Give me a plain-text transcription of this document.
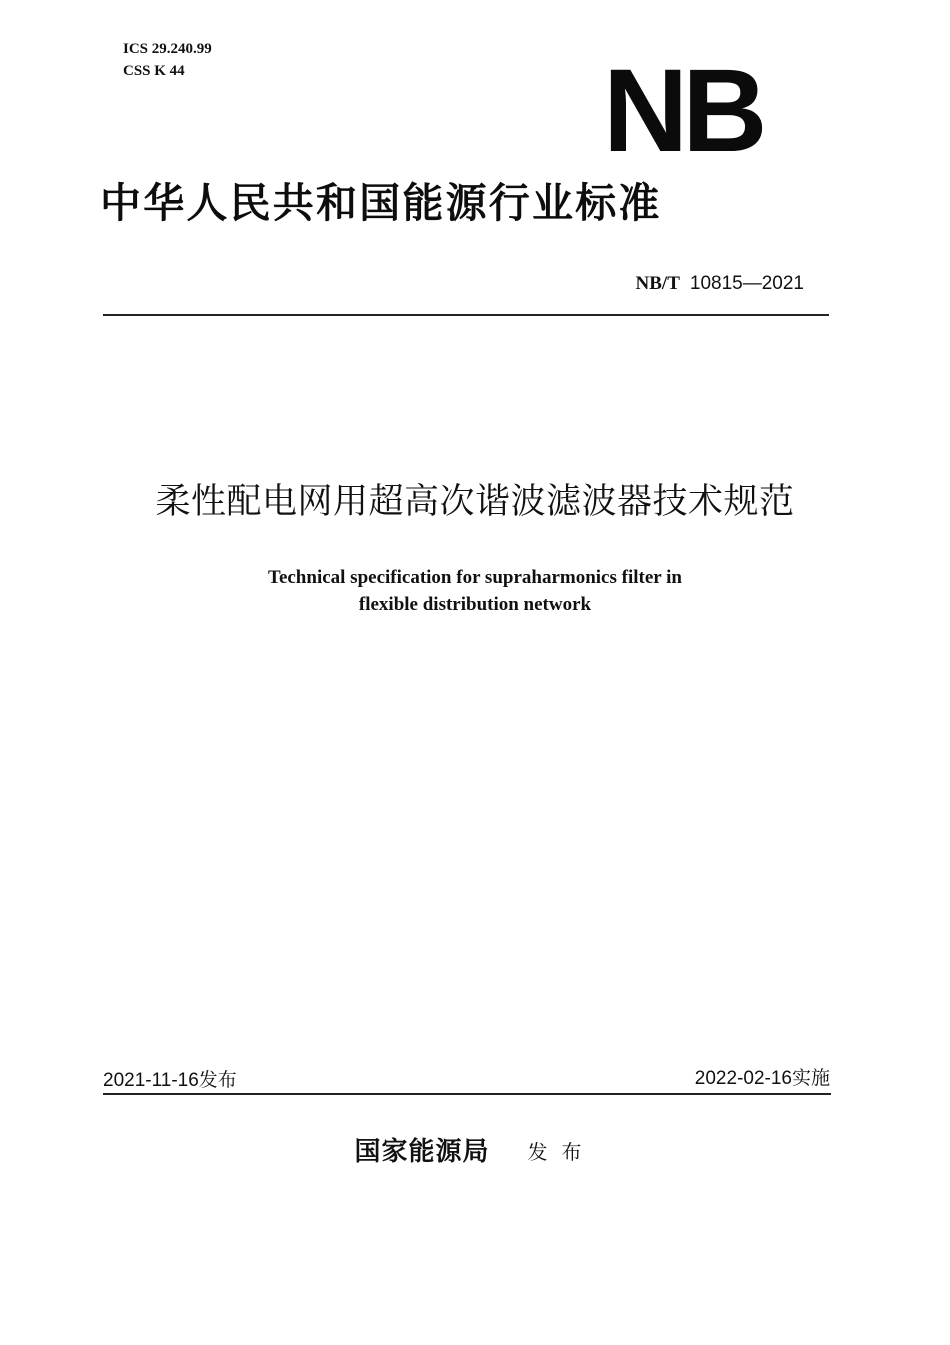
ICS 29.240.99
CSS K 44	NB
中华人民共和国能源行业标准
NB/T 10815—2021
柔性配电网用超高次谐波滤波器技术规范
Technical specification for supraharmonics filter in
flexible distribution network
2021-11-16发布	2022-02-16实施
国家能源局 发布
